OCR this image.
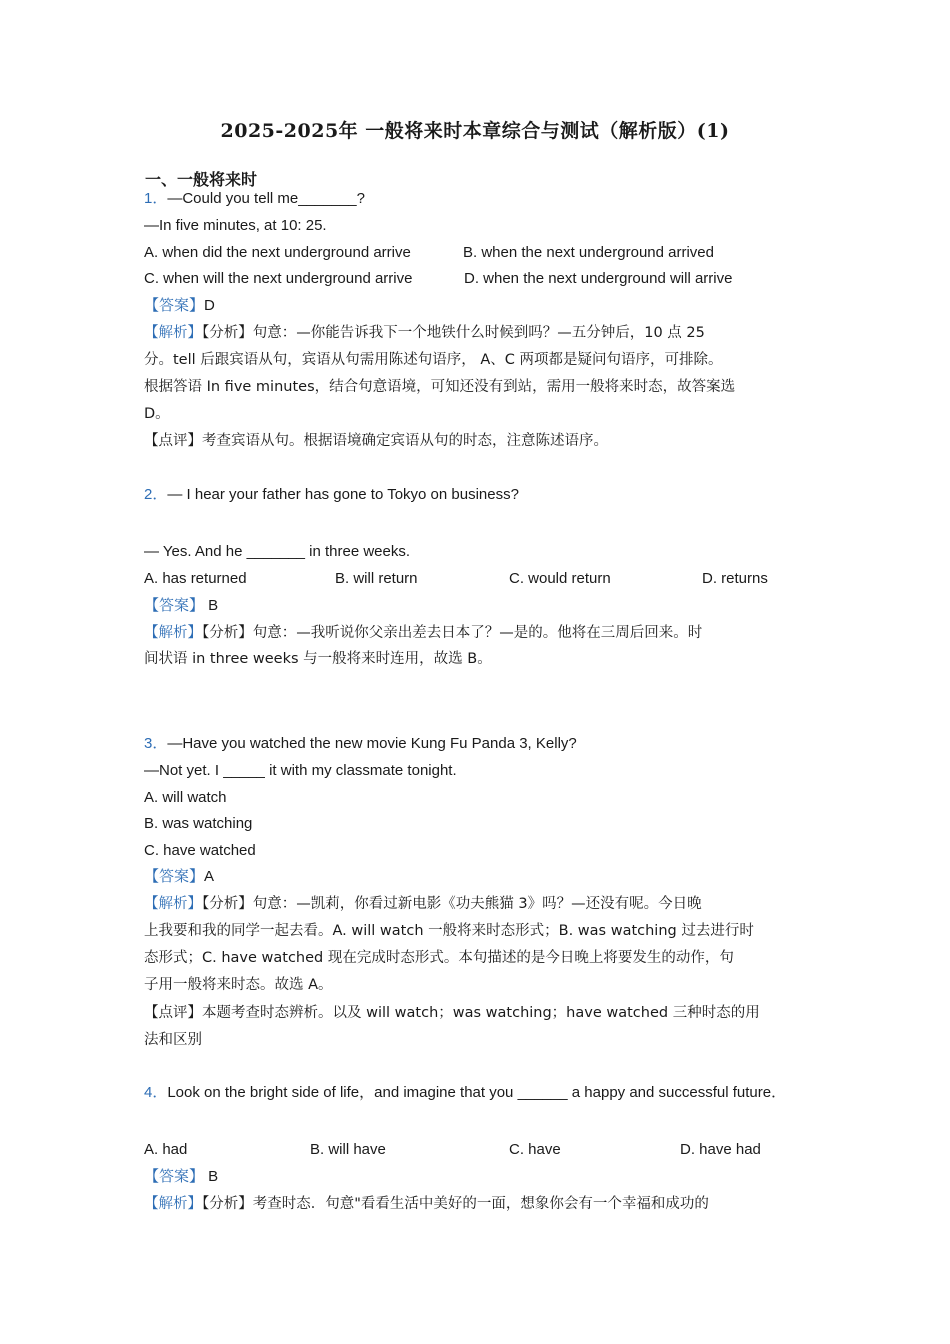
2025-2025年 一般将来时本章综合与测试（解析版）(1)
一、一般将来时
1．—Could you tell me_______?
—In five minutes, at 10: 25.
A. when did the next underground arrive	B. when the next underground arrived
C. when will the next underground arrive	D. when the next underground will arrive
【答案】D
【解析】【分析】句意：—你能告诉我下一个地铁什么时候到吗？—五分钟后，10 点 25
分。tell 后跟宾语从句，宾语从句需用陈述句语序， A、C 两项都是疑问句语序，可排除。
根据答语 In five minutes，结合句意语境，可知还没有到站，需用一般将来时态，故答案选
D。
【点评】考查宾语从句。根据语境确定宾语从句的时态，注意陈述语序。
2．— I hear your father has gone to Tokyo on business?
— Yes. And he _______ in three weeks.
A. has returned	B. will return	C. would return	D. returns
【答案】 B
【解析】【分析】句意：—我听说你父亲出差去日本了？—是的。他将在三周后回来。时
间状语 in three weeks 与一般将来时连用，故选 B。
3．—Have you watched the new movie Kung Fu Panda 3, Kelly?
—Not yet. I _____ it with my classmate tonight.
A. will watch
B. was watching
C. have watched
【答案】A
【解析】【分析】句意：—凯莉，你看过新电影《功夫熊猫 3》吗？—还没有呢。今日晚
上我要和我的同学一起去看。A. will watch 一般将来时态形式；B. was watching 过去进行时
态形式；C. have watched 现在完成时态形式。本句描述的是今日晚上将要发生的动作，句
子用一般将来时态。故选 A。
【点评】本题考查时态辨析。以及 will watch；was watching；have watched 三种时态的用
法和区别
4．Look on the bright side of life，and imagine that you ______ a happy and successful future．
A. had	B. will have	C. have	D. have had
【答案】 B
【解析】【分析】考查时态．句意"看看生活中美好的一面，想象你会有一个幸福和成功的
